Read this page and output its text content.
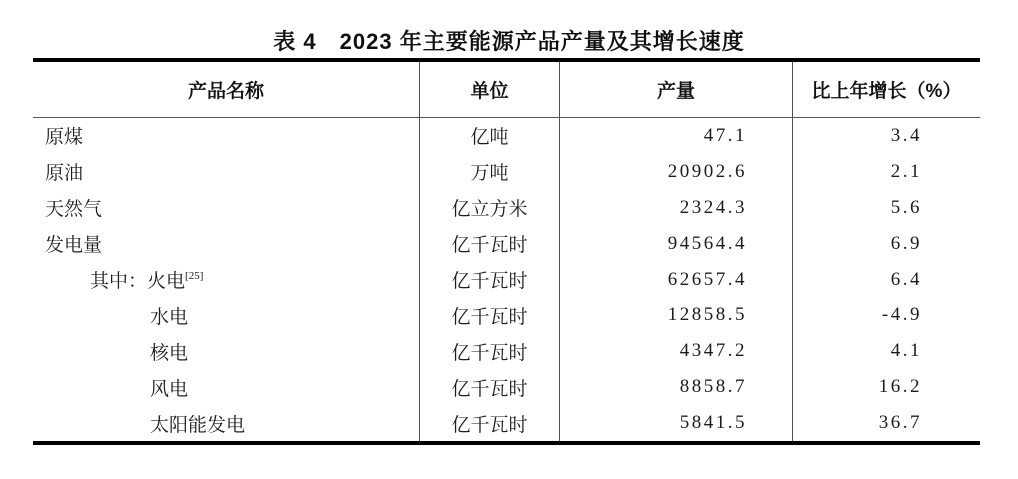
表 4　2023 年主要能源产品产量及其增长速度
产品名称	单位	产量	比上年增长（%）
原煤	亿吨	47.1	3.4
原油	万吨	20902.6	2.1
天然气	亿立方米	2324.3	5.6
发电量	亿千瓦时	94564.4	6.9
其中：火电[25]	亿千瓦时	62657.4	6.4
水电	亿千瓦时	12858.5	-4.9
核电	亿千瓦时	4347.2	4.1
风电	亿千瓦时	8858.7	16.2
太阳能发电	亿千瓦时	5841.5	36.7
